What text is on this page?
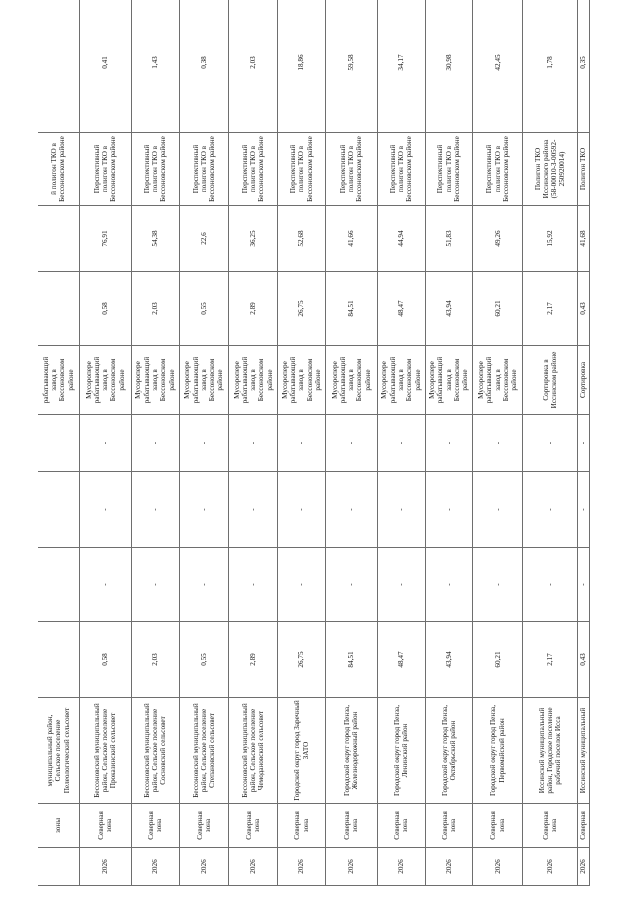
	зоны	муниципальный район, Сельское поселение Пелеологический сельсовет					рабатывающий завод в Бессоновском районе			й полигон ТКО в Бессоновском районе		
2026	Северная зона	Бессоновский муниципальный район, Сельское поселение Проказинский сельсовет	0,58	-	-	-	Мусоропере рабатывающий завод в Бессоновском районе	0,58	76,91	Перспективный полигон ТКО в Бессоновском районе	0,41	
2026	Северная зона	Бессоновский муниципальный район, Сельское поселение Сосновский сельсовет	2,03	-	-	-	Мусоропере рабатывающий завод в Бессоновском районе	2,03	54,38	Перспективный полигон ТКО в Бессоновском районе	1,43	
2026	Северная зона	Бессоновский муниципальный район, Сельское поселение Степановский сельсовет	0,55	-	-	-	Мусоропере рабатывающий завод в Бессоновском районе	0,55	22,6	Перспективный полигон ТКО в Бессоновском районе	0,38	
2026	Северная зона	Бессоновский муниципальный район, Сельское поселение Чемодановский сельсовет	2,89	-	-	-	Мусоропере рабатывающий завод в Бессоновском районе	2,89	36,25	Перспективный полигон ТКО в Бессоновском районе	2,03	
2026	Северная зона	Городской округ город Заречный ЗАТО	26,75	-	-	-	Мусоропере рабатывающий завод в Бессоновском районе	26,75	52,68	Перспективный полигон ТКО в Бессоновском районе	18,86	
2026	Северная зона	Городской округ город Пенза, Железнодорожный район	84,51	-	-	-	Мусоропере рабатывающий завод в Бессоновском районе	84,51	41,66	Перспективный полигон ТКО в Бессоновском районе	59,58	
2026	Северная зона	Городской округ город Пенза, Ленинский район	48,47	-	-	-	Мусоропере рабатывающий завод в Бессоновском районе	48,47	44,94	Перспективный полигон ТКО в Бессоновском районе	34,17	
2026	Северная зона	Городской округ город Пенза, Октябрьский район	43,94	-	-	-	Мусоропере рабатывающий завод в Бессоновском районе	43,94	51,83	Перспективный полигон ТКО в Бессоновском районе	30,98	
2026	Северная зона	Городской округ город Пенза, Первомайский район	60,21	-	-	-	Мусоропере рабатывающий завод в Бессоновском районе	60,21	49,26	Перспективный полигон ТКО в Бессоновском районе	42,45	
2026	Северная зона	Иссинский муниципальный район, Городское поселение рабочий поселок Исса	2,17	-	-	-	Сортировка в Иссинском районе	2,17	15,92	Полигон ТКО Иссинского района (58-00010-З-00592-250920014)	1,78	
2026	Северная	Иссинский муниципальный	0,43	-	-	-	Сортировка	0,43	41,68	Полигон ТКО	0,35	
